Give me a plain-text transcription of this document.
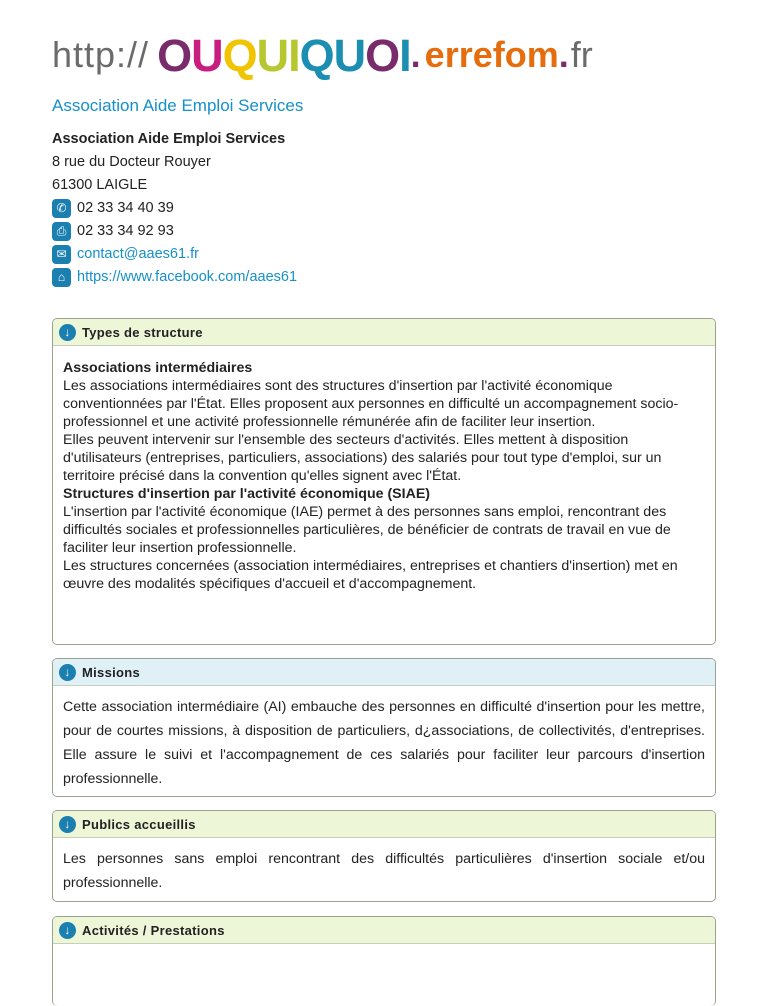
http:// OUQUIQUOI . errefom . fr
Association Aide Emploi Services
Association Aide Emploi Services
8 rue du Docteur Rouyer
61300 LAIGLE
✆ 02 33 34 40 39
⎙ 02 33 34 92 93
✉ contact@aaes61.fr
⌂ https://www.facebook.com/aaes61
↓ Types de structure

Associations intermédiaires

Les associations intermédiaires sont des structures d'insertion par l'activité économique conventionnées par l'État. Elles proposent aux personnes en difficulté un accompagnement socio-professionnel et une activité professionnelle rémunérée afin de faciliter leur insertion.

Elles peuvent intervenir sur l'ensemble des secteurs d'activités. Elles mettent à disposition d'utilisateurs (entreprises, particuliers, associations) des salariés pour tout type d'emploi, sur un territoire précisé dans la convention qu'elles signent avec l'État.

Structures d'insertion par l'activité économique (SIAE)

L'insertion par l'activité économique (IAE) permet à des personnes sans emploi, rencontrant des difficultés sociales et professionnelles particulières, de bénéficier de contrats de travail en vue de faciliter leur insertion professionnelle.

Les structures concernées (association intermédiaires, entreprises et chantiers d'insertion) met en œuvre des modalités spécifiques d'accueil et d'accompagnement.

↓ Missions

Cette association intermédiaire (AI) embauche des personnes en difficulté d'insertion pour les mettre, pour de courtes missions, à disposition de particuliers, d¿associations, de collectivités, d'entreprises. Elle assure le suivi et l'accompagnement de ces salariés pour faciliter leur parcours d'insertion professionnelle.

↓ Publics accueillis

Les personnes sans emploi rencontrant des difficultés particulières d'insertion sociale et/ou professionnelle.

↓ Activités / Prestations
